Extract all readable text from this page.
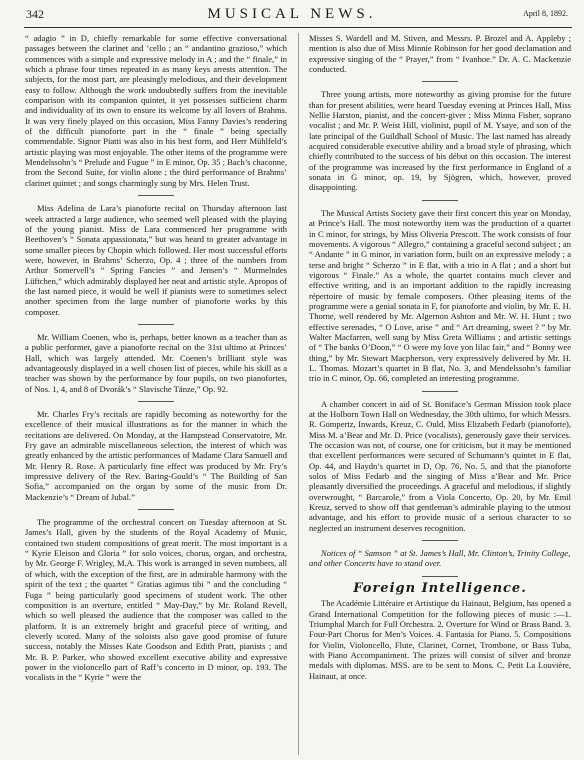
342	MUSICAL NEWS.	April 8, 1892.

“ adagio ” in D, chiefly remarkable for some effective conversational passages between the clarinet and ’cello ; an “ andantino grazioso,” which commences with a simple and expressive melody in A ; and the “ finale,” in which a phrase four times repeated in as many keys arrests attention. The subjects, for the most part, are pleasingly melodious, and their development easy to follow. Although the work undoubtedly suffers from the inevitable comparison with its companion quintet, it yet possesses sufficient charm and individuality of its own to ensure its welcome by all lovers of Brahms. It was very finely played on this occasion, Miss Fanny Davies’s rendering of the difficult pianoforte part in the “ finale ” being specially commendable. Signor Piatti was also in his best form, and Herr Mühlfeld’s artistic playing was most enjoyable. The other items of the programme were Mendelssohn’s “ Prelude and Fugue ” in E minor, Op. 35 ; Bach’s chaconne, from the Second Suite, for violin alone ; the third performance of Brahms’ clarinet quintet ; and songs charmingly sung by Mrs. Helen Trust.

Miss Adelina de Lara’s pianoforte recital on Thursday afternoon last week attracted a large audience, who seemed well pleased with the playing of the young pianist. Miss de Lara commenced her programme with Beethoven’s “ Sonata appassionata,” but was heard to greater advantage in some smaller pieces by Chopin which followed. Her most successful efforts were, however, in Brahms’ Scherzo, Op. 4 ; three of the numbers from Arthur Somervell’s “ Spring Fancies ” and Jensen’s “ Murmelndes Lüftchen,” which admirably displayed her neat and artistic style. Apropos of the last named piece, it would be well if pianists were to sometimes select another specimen from the large number of pianoforte works by this composer.

Mr. William Coenen, who is, perhaps, better known as a teacher than as a public performer, gave a pianoforte recital on the 31st ultimo at Princes’ Hall, which was largely attended. Mr. Coenen’s brilliant style was advantageously displayed in a well chosen list of pieces, while his skill as a teacher was shown by the performance by four pupils, on two pianofortes, of Nos. 1, 4, and 8 of Dvorák’s “ Slavische Tänze,” Op. 92.

Mr. Charles Fry’s recitals are rapidly becoming as noteworthy for the excellence of their musical illustrations as for the manner in which the recitations are delivered. On Monday, at the Hampstead Conservatoire, Mr. Fry gave an admirable miscellaneous selection, the interest of which was greatly enhanced by the artistic performances of Madame Clara Samuell and Mr. Henry R. Rose. A particularly fine effect was produced by Mr. Fry’s impressive delivery of the Rev. Baring-Gould’s “ The Building of San Sofia,” accompanied on the organ by some of the music from Dr. Mackenzie’s “ Dream of Jubal.”

The programme of the orchestral concert on Tuesday afternoon at St. James’s Hall, given by the students of the Royal Academy of Music, contained two student compositions of great merit. The most important is a “ Kyrie Eleison and Gloria ” for solo voices, chorus, organ, and orchestra, by Mr. George F. Wrigley, M.A. This work is arranged in seven numbers, all of which, with the exception of the first, are in admirable harmony with the spirit of the text ; the quartet “ Gratias agimus tibi ” and the concluding “ Fuga ” being particularly good specimens of student work. The other composition is an overture, entitled “ May-Day,” by Mr. Roland Revell, which so well pleased the audience that the composer was called to the platform. It is an extremely bright and graceful piece of writing, and cleverly scored. Many of the soloists also gave good promise of future success, notably the Misses Kate Goodson and Edith Pratt, pianists ; and Mr. B. P. Parker, who showed excellent executive ability and expressive power in the violoncello part of Raff’s concerto in D minor, op. 193. The vocalists in the “ Kyrie ” were the

Misses S. Wardell and M. Stiven, and Messrs. P. Brozel and A. Appleby ; mention is also due of Miss Minnie Robinson for her good declamation and expressive singing of the “ Prayer,” from “ Ivanhoe.” Dr. A. C. Mackenzie conducted.

Three young artists, more noteworthy as giving promise for the future than for present abilities, were heard Tuesday evening at Princes Hall, Miss Nellie Harston, pianist, and the concert-giver ; Miss Minna Fisher, soprano vocalist ; and Mr. P. Weist Hill, violinist, pupil of M. Ysaye, and son of the late principal of the Guildhall School of Music. The last named has already acquired considerable executive ability and a broad style of phrasing, which chiefly contributed to the success of his début on this occasion. The interest of the programme was increased by the first performance in England of a sonata in G minor, op. 19, by Sjögren, which, however, proved disappointing.

The Musical Artists Society gave their first concert this year on Monday, at Prince’s Hall. The most noteworthy item was the production of a quartet in C minor, for strings, by Miss Oliveria Prescott. The work consists of four movements. A vigorous “ Allegro,” containing a graceful second subject ; an “ Andante ” in G minor, in variation form, built on an expressive melody ; a terse and bright “ Scherzo ” in E flat, with a trio in A flat ; and a short but vigorous “ Finale.” As a whole, the quartet contains much clever and effective writing, and is an important addition to the rapidly increasing répertoire of music by female composers. Other pleasing items of the programme were a genial sonata in F, for pianoforte and violin, by Mr. E. H. Thorne, well rendered by Mr. Algernon Ashton and Mr. W. H. Hunt ; two effective serenades, “ O Love, arise ” and “ Art dreaming, sweet ? ” by Mr. Walter Macfarren, well sung by Miss Greta Williams ; and artistic settings of “ The banks O’Doon,” “ O were my love yon lilac fair,” and “ Bonny wee thing,” by Mr. Stewart Macpherson, very expressively delivered by Mr. H. L. Thomas. Mozart’s quartet in B flat, No. 3, and Mendelssohn’s familiar trio in C minor, Op. 66, completed an interesting programme.

A chamber concert in aid of St. Boniface’s German Mission took place at the Holborn Town Hall on Wednesday, the 30th ultimo, for which Messrs. R. Gompertz, Inwards, Kreuz, C. Ould, Miss Elizabeth Fedarb (pianoforte), Miss M. a’Bear and Mr. D. Price (vocalists), generously gave their services. The occasion was not, of course, one for criticism, but it may be mentioned that excellent performances were secured of Schumann’s quintet in E flat, Op. 44, and Haydn’s quartet in D, Op. 76, No. 5, and that the pianoforte solos of Miss Fedarb and the singing of Miss a’Bear and Mr. Price pleasantly diversified the proceedings. A graceful and melodious, if slightly overwrought, “ Barcarole,” from a Viola Concerto, Op. 20, by Mr. Emil Kreuz, served to show off that gentleman’s admirable playing to the utmost advantage, and his effort to provide music of a serious character to so neglected an instrument deserves recognition.

Notices of “ Samson ” at St. James’s Hall, Mr. Clinton’s, Trinity College, and other Concerts have to stand over.

Foreign Intelligence.

The Académie Littéraire et Artistique du Hainaut, Belgium, has opened a Grand International Competition for the following pieces of music :—1. Triumphal March for Full Orchestra. 2. Overture for Wind or Brass Band. 3. Four-Part Chorus for Men’s Voices. 4. Fantasia for Piano. 5. Compositions for Violin, Violoncello, Flute, Clarinet, Cornet, Trombone, or Bass Tuba, with Piano Accompaniment. The prizes will consist of silver and bronze medals with diplomas. MSS. are to be sent to Mons. C. Petit La Louvière, Hainaut, at once.
